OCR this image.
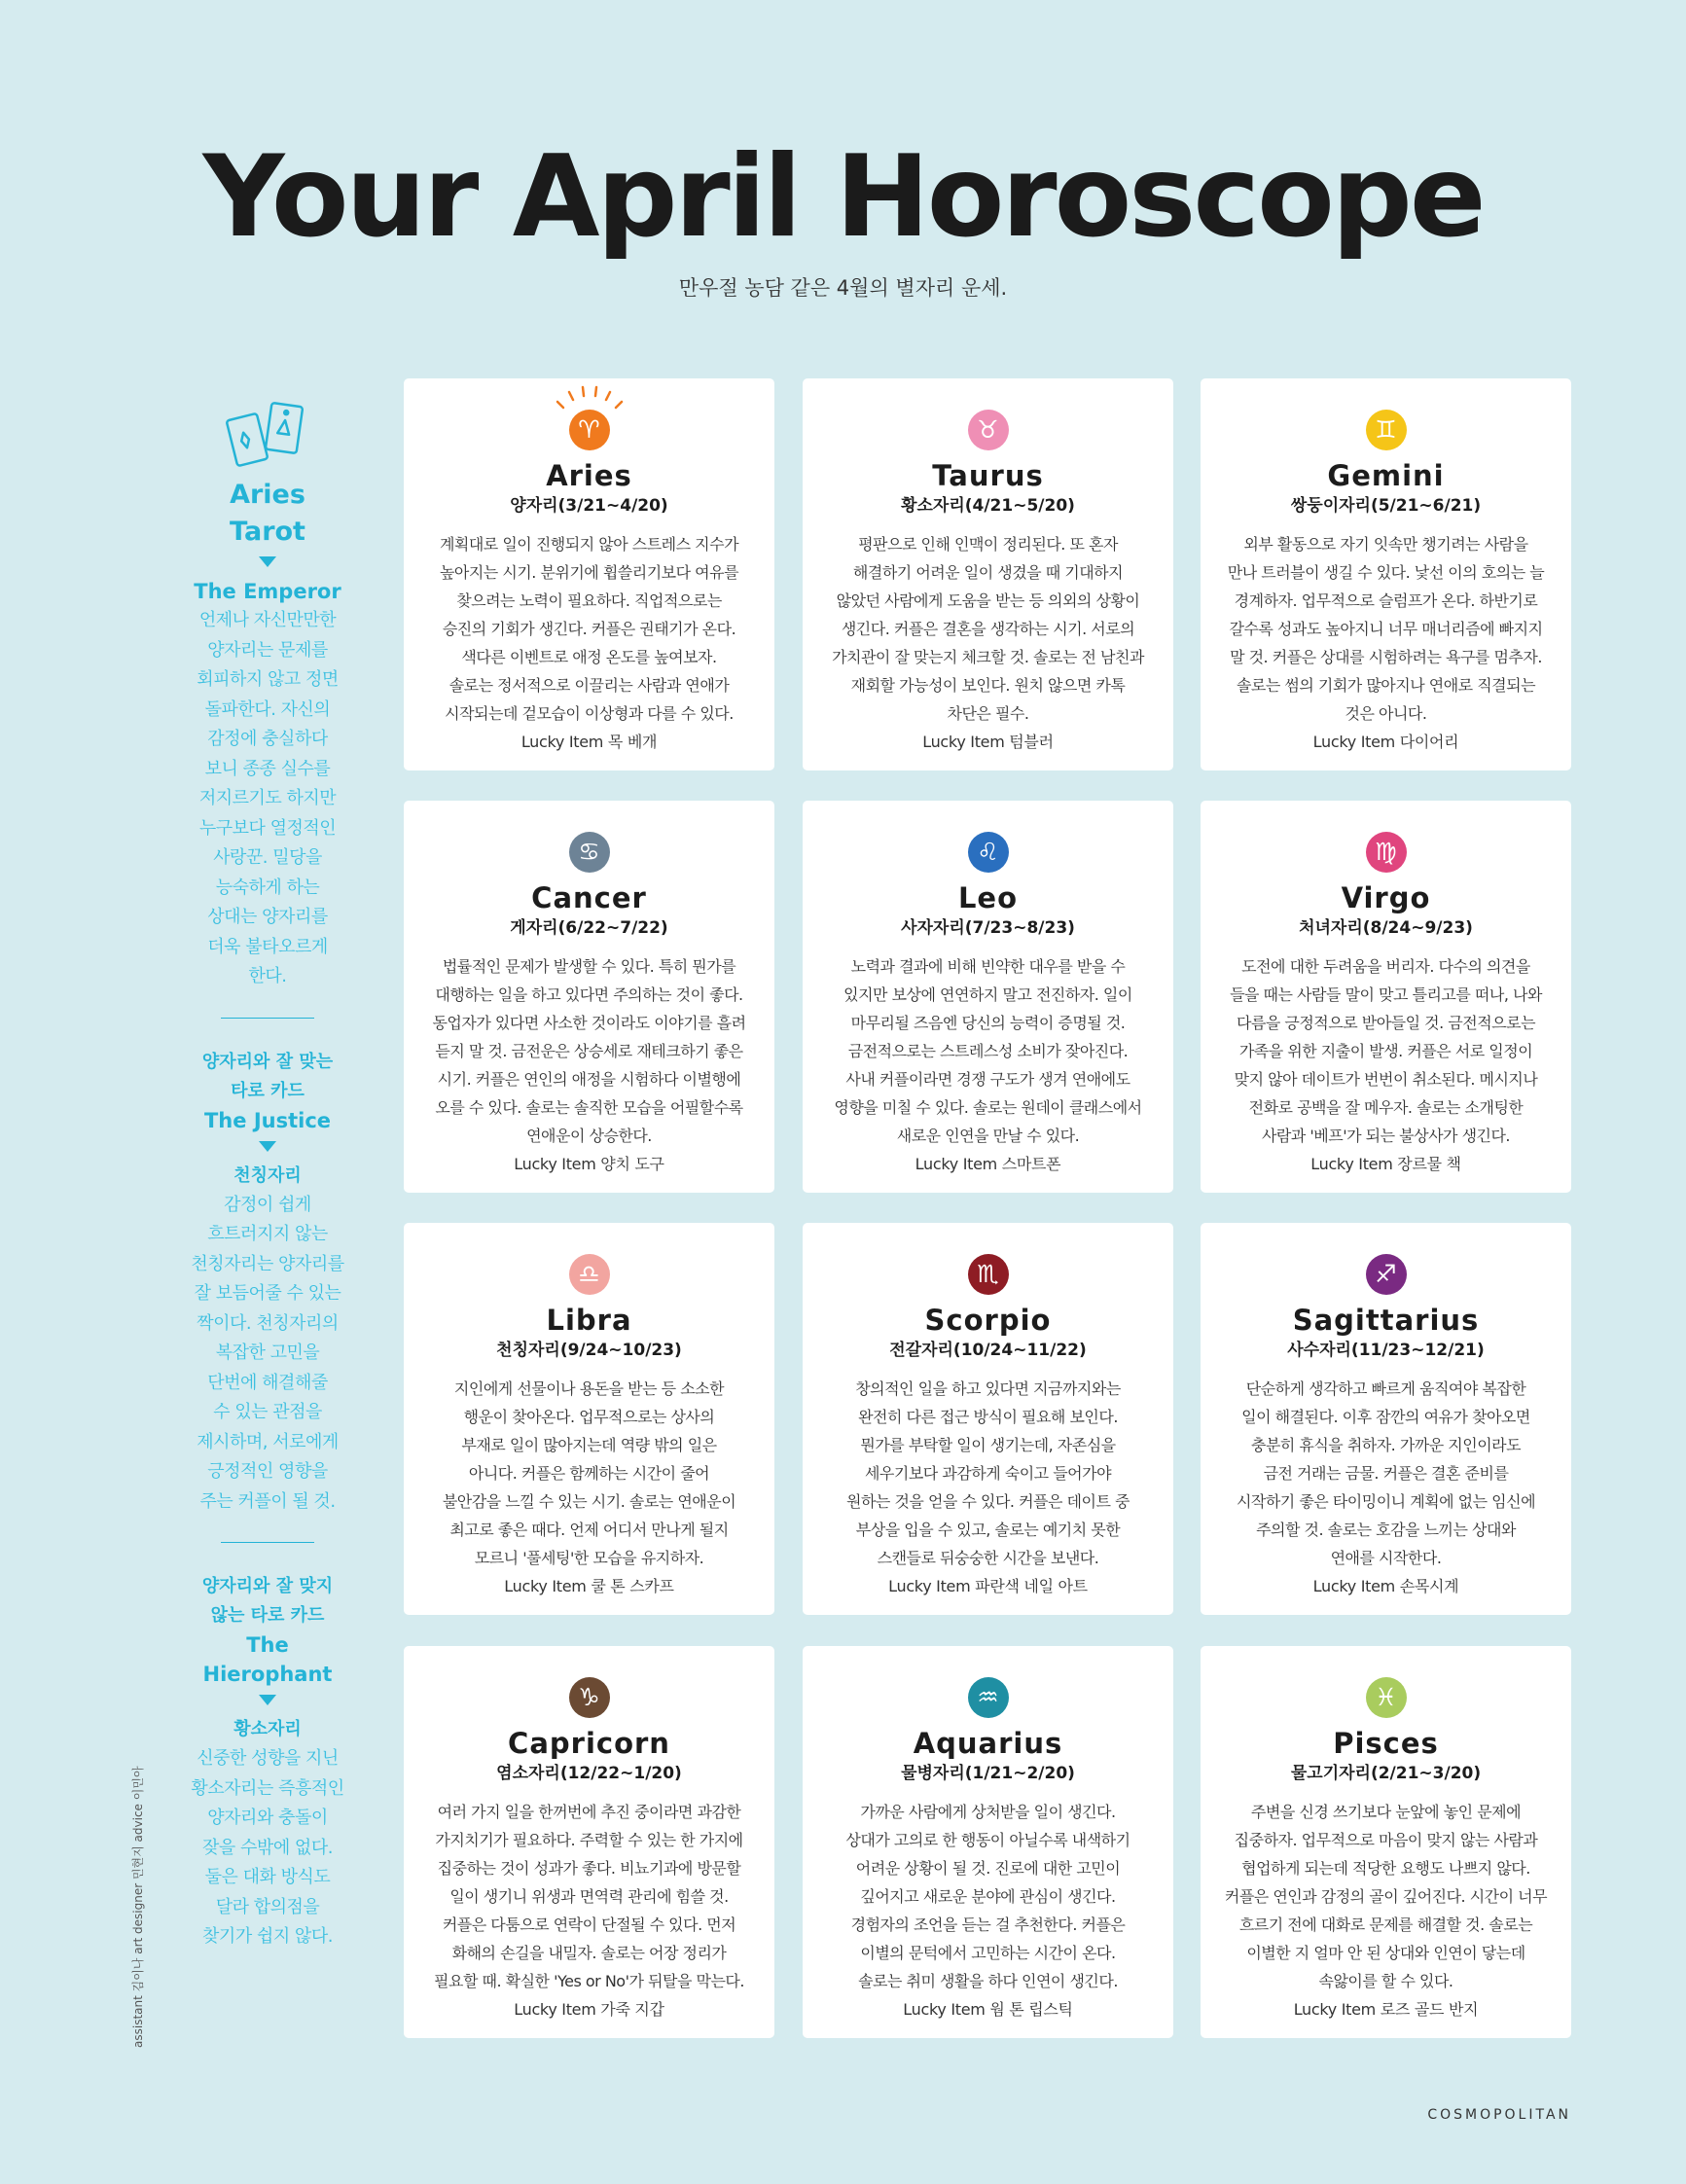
Your April Horoscope

만우절 농담 같은 4월의 별자리 운세.

Aries
Tarot
The Emperor
언제나 자신만만한
양자리는 문제를
회피하지 않고 정면
돌파한다. 자신의
감정에 충실하다
보니 종종 실수를
저지르기도 하지만
누구보다 열정적인
사랑꾼. 밀당을
능숙하게 하는
상대는 양자리를
더욱 불타오르게
한다.
양자리와 잘 맞는
타로 카드
The Justice
천칭자리
감정이 쉽게
흐트러지지 않는
천칭자리는 양자리를
잘 보듬어줄 수 있는
짝이다. 천칭자리의
복잡한 고민을
단번에 해결해줄
수 있는 관점을
제시하며, 서로에게
긍정적인 영향을
주는 커플이 될 것.
양자리와 잘 맞지
않는 타로 카드
The
Hierophant
황소자리
신중한 성향을 지닌
황소자리는 즉흥적인
양자리와 충돌이
잦을 수밖에 없다.
둘은 대화 방식도
달라 합의점을
찾기가 쉽지 않다.
♈
Aries
양자리(3/21~4/20)
계획대로 일이 진행되지 않아 스트레스 지수가
높아지는 시기. 분위기에 휩쓸리기보다 여유를
찾으려는 노력이 필요하다. 직업적으로는
승진의 기회가 생긴다. 커플은 권태기가 온다.
색다른 이벤트로 애정 온도를 높여보자.
솔로는 정서적으로 이끌리는 사람과 연애가
시작되는데 겉모습이 이상형과 다를 수 있다.
Lucky Item 목 베개
♉
Taurus
황소자리(4/21~5/20)
평판으로 인해 인맥이 정리된다. 또 혼자
해결하기 어려운 일이 생겼을 때 기대하지
않았던 사람에게 도움을 받는 등 의외의 상황이
생긴다. 커플은 결혼을 생각하는 시기. 서로의
가치관이 잘 맞는지 체크할 것. 솔로는 전 남친과
재회할 가능성이 보인다. 원치 않으면 카톡
차단은 필수.
Lucky Item 텀블러
♊
Gemini
쌍둥이자리(5/21~6/21)
외부 활동으로 자기 잇속만 챙기려는 사람을
만나 트러블이 생길 수 있다. 낯선 이의 호의는 늘
경계하자. 업무적으로 슬럼프가 온다. 하반기로
갈수록 성과도 높아지니 너무 매너리즘에 빠지지
말 것. 커플은 상대를 시험하려는 욕구를 멈추자.
솔로는 썸의 기회가 많아지나 연애로 직결되는
것은 아니다.
Lucky Item 다이어리
♋
Cancer
게자리(6/22~7/22)
법률적인 문제가 발생할 수 있다. 특히 뭔가를
대행하는 일을 하고 있다면 주의하는 것이 좋다.
동업자가 있다면 사소한 것이라도 이야기를 흘려
듣지 말 것. 금전운은 상승세로 재테크하기 좋은
시기. 커플은 연인의 애정을 시험하다 이별행에
오를 수 있다. 솔로는 솔직한 모습을 어필할수록
연애운이 상승한다.
Lucky Item 양치 도구
♌
Leo
사자자리(7/23~8/23)
노력과 결과에 비해 빈약한 대우를 받을 수
있지만 보상에 연연하지 말고 전진하자. 일이
마무리될 즈음엔 당신의 능력이 증명될 것.
금전적으로는 스트레스성 소비가 잦아진다.
사내 커플이라면 경쟁 구도가 생겨 연애에도
영향을 미칠 수 있다. 솔로는 원데이 클래스에서
새로운 인연을 만날 수 있다.
Lucky Item 스마트폰
♍
Virgo
처녀자리(8/24~9/23)
도전에 대한 두려움을 버리자. 다수의 의견을
들을 때는 사람들 말이 맞고 틀리고를 떠나, 나와
다름을 긍정적으로 받아들일 것. 금전적으로는
가족을 위한 지출이 발생. 커플은 서로 일정이
맞지 않아 데이트가 번번이 취소된다. 메시지나
전화로 공백을 잘 메우자. 솔로는 소개팅한
사람과 '베프'가 되는 불상사가 생긴다.
Lucky Item 장르물 책
♎
Libra
천칭자리(9/24~10/23)
지인에게 선물이나 용돈을 받는 등 소소한
행운이 찾아온다. 업무적으로는 상사의
부재로 일이 많아지는데 역량 밖의 일은
아니다. 커플은 함께하는 시간이 줄어
불안감을 느낄 수 있는 시기. 솔로는 연애운이
최고로 좋은 때다. 언제 어디서 만나게 될지
모르니 '풀세팅'한 모습을 유지하자.
Lucky Item 쿨 톤 스카프
♏
Scorpio
전갈자리(10/24~11/22)
창의적인 일을 하고 있다면 지금까지와는
완전히 다른 접근 방식이 필요해 보인다.
뭔가를 부탁할 일이 생기는데, 자존심을
세우기보다 과감하게 숙이고 들어가야
원하는 것을 얻을 수 있다. 커플은 데이트 중
부상을 입을 수 있고, 솔로는 예기치 못한
스캔들로 뒤숭숭한 시간을 보낸다.
Lucky Item 파란색 네일 아트
♐
Sagittarius
사수자리(11/23~12/21)
단순하게 생각하고 빠르게 움직여야 복잡한
일이 해결된다. 이후 잠깐의 여유가 찾아오면
충분히 휴식을 취하자. 가까운 지인이라도
금전 거래는 금물. 커플은 결혼 준비를
시작하기 좋은 타이밍이니 계획에 없는 임신에
주의할 것. 솔로는 호감을 느끼는 상대와
연애를 시작한다.
Lucky Item 손목시계
♑
Capricorn
염소자리(12/22~1/20)
여러 가지 일을 한꺼번에 추진 중이라면 과감한
가지치기가 필요하다. 주력할 수 있는 한 가지에
집중하는 것이 성과가 좋다. 비뇨기과에 방문할
일이 생기니 위생과 면역력 관리에 힘쓸 것.
커플은 다툼으로 연락이 단절될 수 있다. 먼저
화해의 손길을 내밀자. 솔로는 어장 정리가
필요할 때. 확실한 'Yes or No'가 뒤탈을 막는다.
Lucky Item 가죽 지갑
♒
Aquarius
물병자리(1/21~2/20)
가까운 사람에게 상처받을 일이 생긴다.
상대가 고의로 한 행동이 아닐수록 내색하기
어려운 상황이 될 것. 진로에 대한 고민이
깊어지고 새로운 분야에 관심이 생긴다.
경험자의 조언을 듣는 걸 추천한다. 커플은
이별의 문턱에서 고민하는 시간이 온다.
솔로는 취미 생활을 하다 인연이 생긴다.
Lucky Item 웜 톤 립스틱
♓
Pisces
물고기자리(2/21~3/20)
주변을 신경 쓰기보다 눈앞에 놓인 문제에
집중하자. 업무적으로 마음이 맞지 않는 사람과
협업하게 되는데 적당한 요행도 나쁘지 않다.
커플은 연인과 감정의 골이 깊어진다. 시간이 너무
흐르기 전에 대화로 문제를 해결할 것. 솔로는
이별한 지 얼마 안 된 상대와 인연이 닿는데
속앓이를 할 수 있다.
Lucky Item 로즈 골드 반지
assistant 김이나 art designer 민현지 advice 이민아
COSMOPOLITAN
